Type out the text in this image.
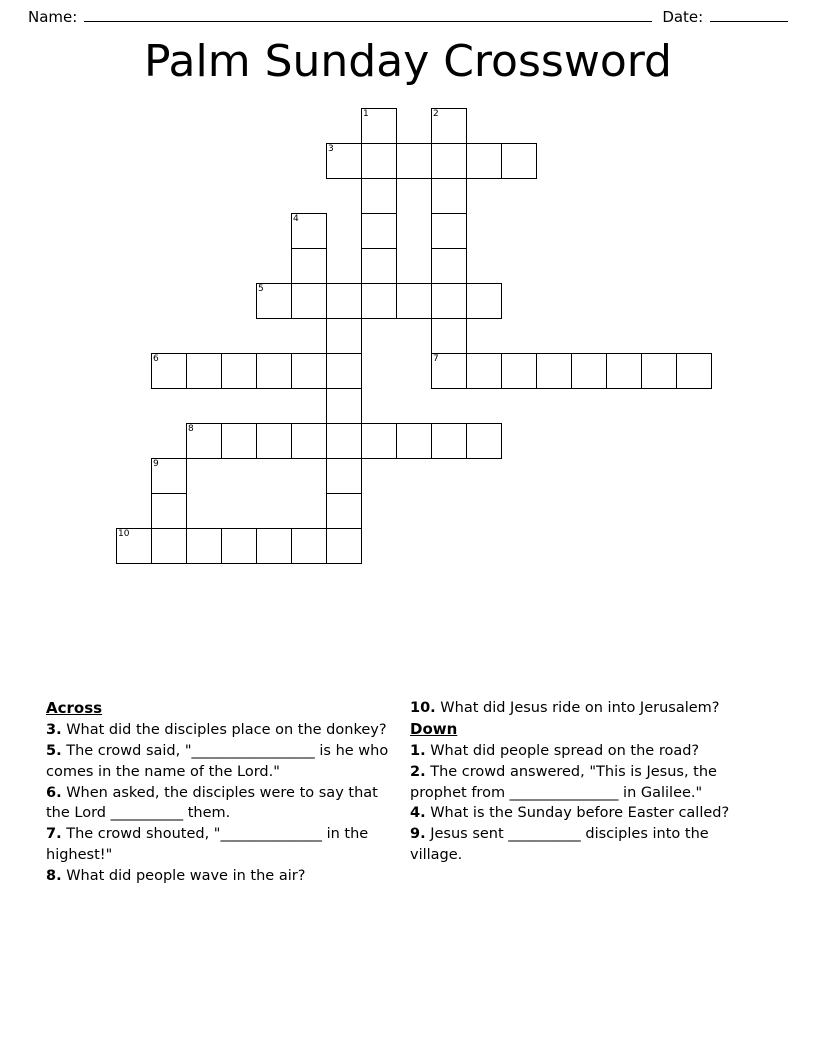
Name:	Date:
Palm Sunday Crossword
1	2
3
4
5
6	7
8
9
10
Across

3. What did the disciples place on the donkey?

5. The crowd said, "_________________ is he who comes in the name of the Lord."

6. When asked, the disciples were to say that the Lord __________ them.

7. The crowd shouted, "______________ in the highest!"

8. What did people wave in the air?

10. What did Jesus ride on into Jerusalem?

Down

1. What did people spread on the road?

2. The crowd answered, "This is Jesus, the prophet from _______________ in Galilee."

4. What is the Sunday before Easter called?

9. Jesus sent __________ disciples into the village.
